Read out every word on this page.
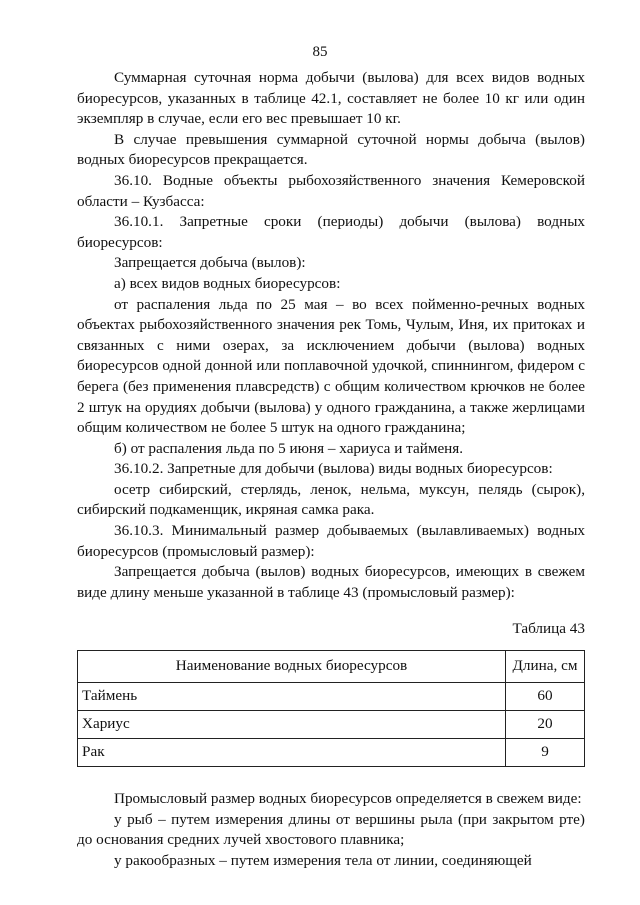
85

Суммарная суточная норма добычи (вылова) для всех видов водных биоресурсов, указанных в таблице 42.1, составляет не более 10 кг или один экземпляр в случае, если его вес превышает 10 кг.

В случае превышения суммарной суточной нормы добыча (вылов) водных биоресурсов прекращается.

36.10. Водные объекты рыбохозяйственного значения Кемеровской области – Кузбасса:

36.10.1. Запретные сроки (периоды) добычи (вылова) водных биоресурсов:

Запрещается добыча (вылов):

а) всех видов водных биоресурсов:

от распаления льда по 25 мая – во всех пойменно-речных водных объектах рыбохозяйственного значения рек Томь, Чулым, Иня, их притоках и связанных с ними озерах, за исключением добычи (вылова) водных биоресурсов одной донной или поплавочной удочкой, спиннингом, фидером с берега (без применения плавсредств) с общим количеством крючков не более 2 штук на орудиях добычи (вылова) у одного гражданина, а также жерлицами общим количеством не более 5 штук на одного гражданина;

б) от распаления льда по 5 июня – хариуса и тайменя.

36.10.2. Запретные для добычи (вылова) виды водных биоресурсов:

осетр сибирский, стерлядь, ленок, нельма, муксун, пелядь (сырок), сибирский подкаменщик, икряная самка рака.

36.10.3. Минимальный размер добываемых (вылавливаемых) водных биоресурсов (промысловый размер):

Запрещается добыча (вылов) водных биоресурсов, имеющих в свежем виде длину меньше указанной в таблице 43 (промысловый размер):

Таблица 43
Наименование водных биоресурсов	Длина, см
Таймень	60
Хариус	20
Рак	9

Промысловый размер водных биоресурсов определяется в свежем виде:

у рыб – путем измерения длины от вершины рыла (при закрытом рте) до основания средних лучей хвостового плавника;

у ракообразных – путем измерения тела от линии, соединяющей
